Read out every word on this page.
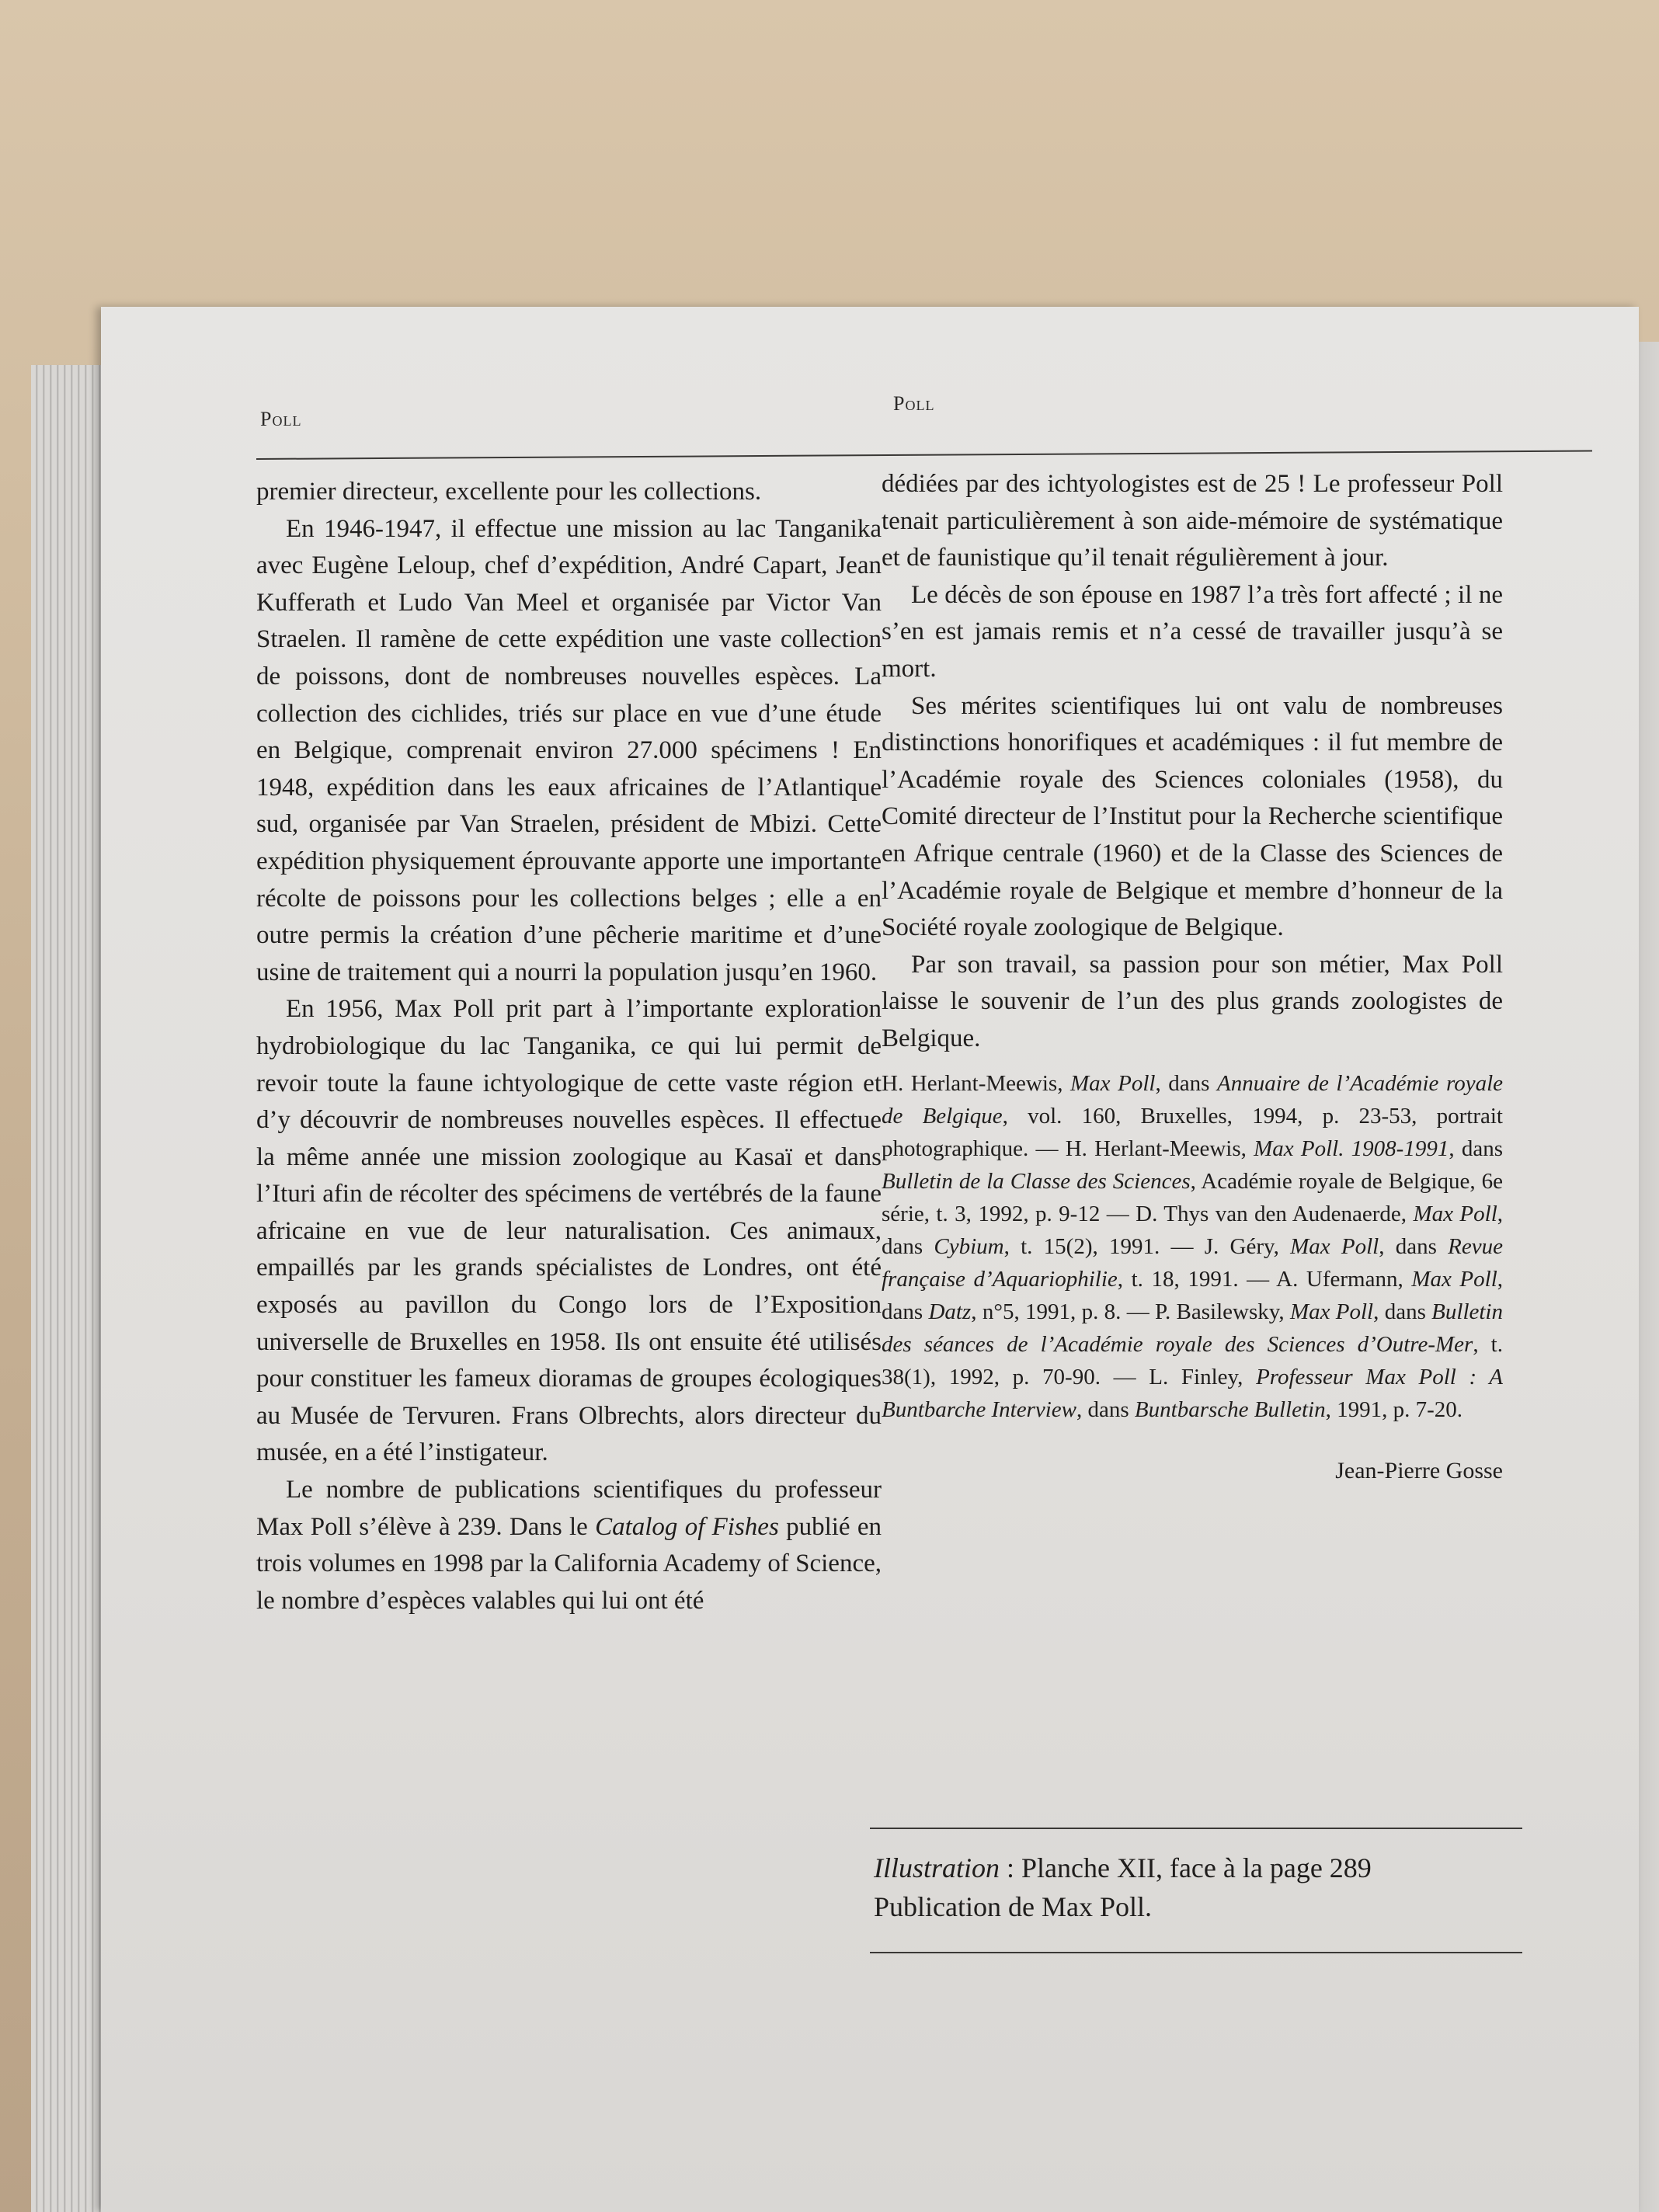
Poll
Poll

premier directeur, excellente pour les collections.

En 1946-1947, il effectue une mission au lac Tanganika avec Eugène Leloup, chef d’expédition, André Capart, Jean Kufferath et Ludo Van Meel et organisée par Victor Van Straelen. Il ramène de cette expédition une vaste collection de poissons, dont de nombreuses nouvelles espèces. La collection des cichlides, triés sur place en vue d’une étude en Belgique, comprenait environ 27.000 spécimens ! En 1948, expédition dans les eaux africaines de l’Atlantique sud, organisée par Van Straelen, président de Mbizi. Cette expédition physiquement éprouvante apporte une importante récolte de poissons pour les collections belges ; elle a en outre permis la création d’une pêcherie maritime et d’une usine de traitement qui a nourri la population jusqu’en 1960.

En 1956, Max Poll prit part à l’importante exploration hydrobiologique du lac Tanganika, ce qui lui permit de revoir toute la faune ichtyologique de cette vaste région et d’y découvrir de nombreuses nouvelles espèces. Il effectue la même année une mission zoologique au Kasaï et dans l’Ituri afin de récolter des spécimens de vertébrés de la faune africaine en vue de leur naturalisation. Ces animaux, empaillés par les grands spécialistes de Londres, ont été exposés au pavillon du Congo lors de l’Exposition universelle de Bruxelles en 1958. Ils ont ensuite été utilisés pour constituer les fameux dioramas de groupes écologiques au Musée de Tervuren. Frans Olbrechts, alors directeur du musée, en a été l’instigateur.

Le nombre de publications scientifiques du professeur Max Poll s’élève à 239. Dans le Catalog of Fishes publié en trois volumes en 1998 par la California Academy of Science, le nombre d’espèces valables qui lui ont été

dédiées par des ichtyologistes est de 25 ! Le professeur Poll tenait particulièrement à son aide-mémoire de systématique et de faunistique qu’il tenait régulièrement à jour.

Le décès de son épouse en 1987 l’a très fort affecté ; il ne s’en est jamais remis et n’a cessé de travailler jusqu’à se mort.

Ses mérites scientifiques lui ont valu de nombreuses distinctions honorifiques et académiques : il fut membre de l’Académie royale des Sciences coloniales (1958), du Comité directeur de l’Institut pour la Recherche scientifique en Afrique centrale (1960) et de la Classe des Sciences de l’Académie royale de Belgique et membre d’honneur de la Société royale zoologique de Belgique.

Par son travail, sa passion pour son métier, Max Poll laisse le souvenir de l’un des plus grands zoologistes de Belgique.

H. Herlant-Meewis, Max Poll, dans Annuaire de l’Académie royale de Belgique, vol. 160, Bruxelles, 1994, p. 23-53, portrait photographique. — H. Herlant-Meewis, Max Poll. 1908-1991, dans Bulletin de la Classe des Sciences, Académie royale de Belgique, 6e série, t. 3, 1992, p. 9-12 — D. Thys van den Audenaerde, Max Poll, dans Cybium, t. 15(2), 1991. — J. Géry, Max Poll, dans Revue française d’Aquariophilie, t. 18, 1991. — A. Ufermann, Max Poll, dans Datz, n°5, 1991, p. 8. — P. Basilewsky, Max Poll, dans Bulletin des séances de l’Académie royale des Sciences d’Outre-Mer, t. 38(1), 1992, p. 70-90. — L. Finley, Professeur Max Poll : A Buntbarche Interview, dans Buntbarsche Bulletin, 1991, p. 7-20.

Jean-Pierre Gosse
Illustration : Planche XII, face à la page 289
Publication de Max Poll.
